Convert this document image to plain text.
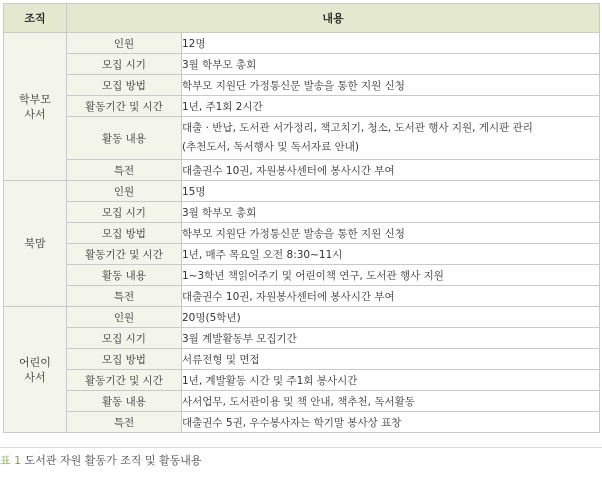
조직	내용	

학부모
사서	인원	12명

	모집 시기	3월 학부모 총회

	모집 방법	학부모 지원단 가정통신문 발송을 통한 지원 신청

	활동기간 및 시간	1년, 주1회 2시간

	활동 내용	대출 · 반납, 도서관 서가정리, 책고치기, 청소, 도서관 행사 지원, 게시판 관리
(추천도서, 독서행사 및 독서자료 안내)

	특전	대출권수 10권, 자원봉사센터에 봉사시간 부여

북맘	인원	15명

	모집 시기	3월 학부모 총회

	모집 방법	학부모 지원단 가정통신문 발송을 통한 지원 신청

	활동기간 및 시간	1년, 매주 목요일 오전 8:30~11시

	활동 내용	1~3학년 책읽어주기 및 어린이책 연구, 도서관 행사 지원

	특전	대출권수 10권, 자원봉사센터에 봉사시간 부여

어린이
사서	인원	20명(5학년)

	모집 시기	3월 계발활동부 모집기간

	모집 방법	서류전형 및 면접

	활동기간 및 시간	1년, 계발활동 시간 및 주1회 봉사시간

	활동 내용	사서업무, 도서관이용 및 책 안내, 책추천, 독서활동

	특전	대출권수 5권, 우수봉사자는 학기말 봉사상 표창
표 1 도서관 자원 활동가 조직 및 활동내용
